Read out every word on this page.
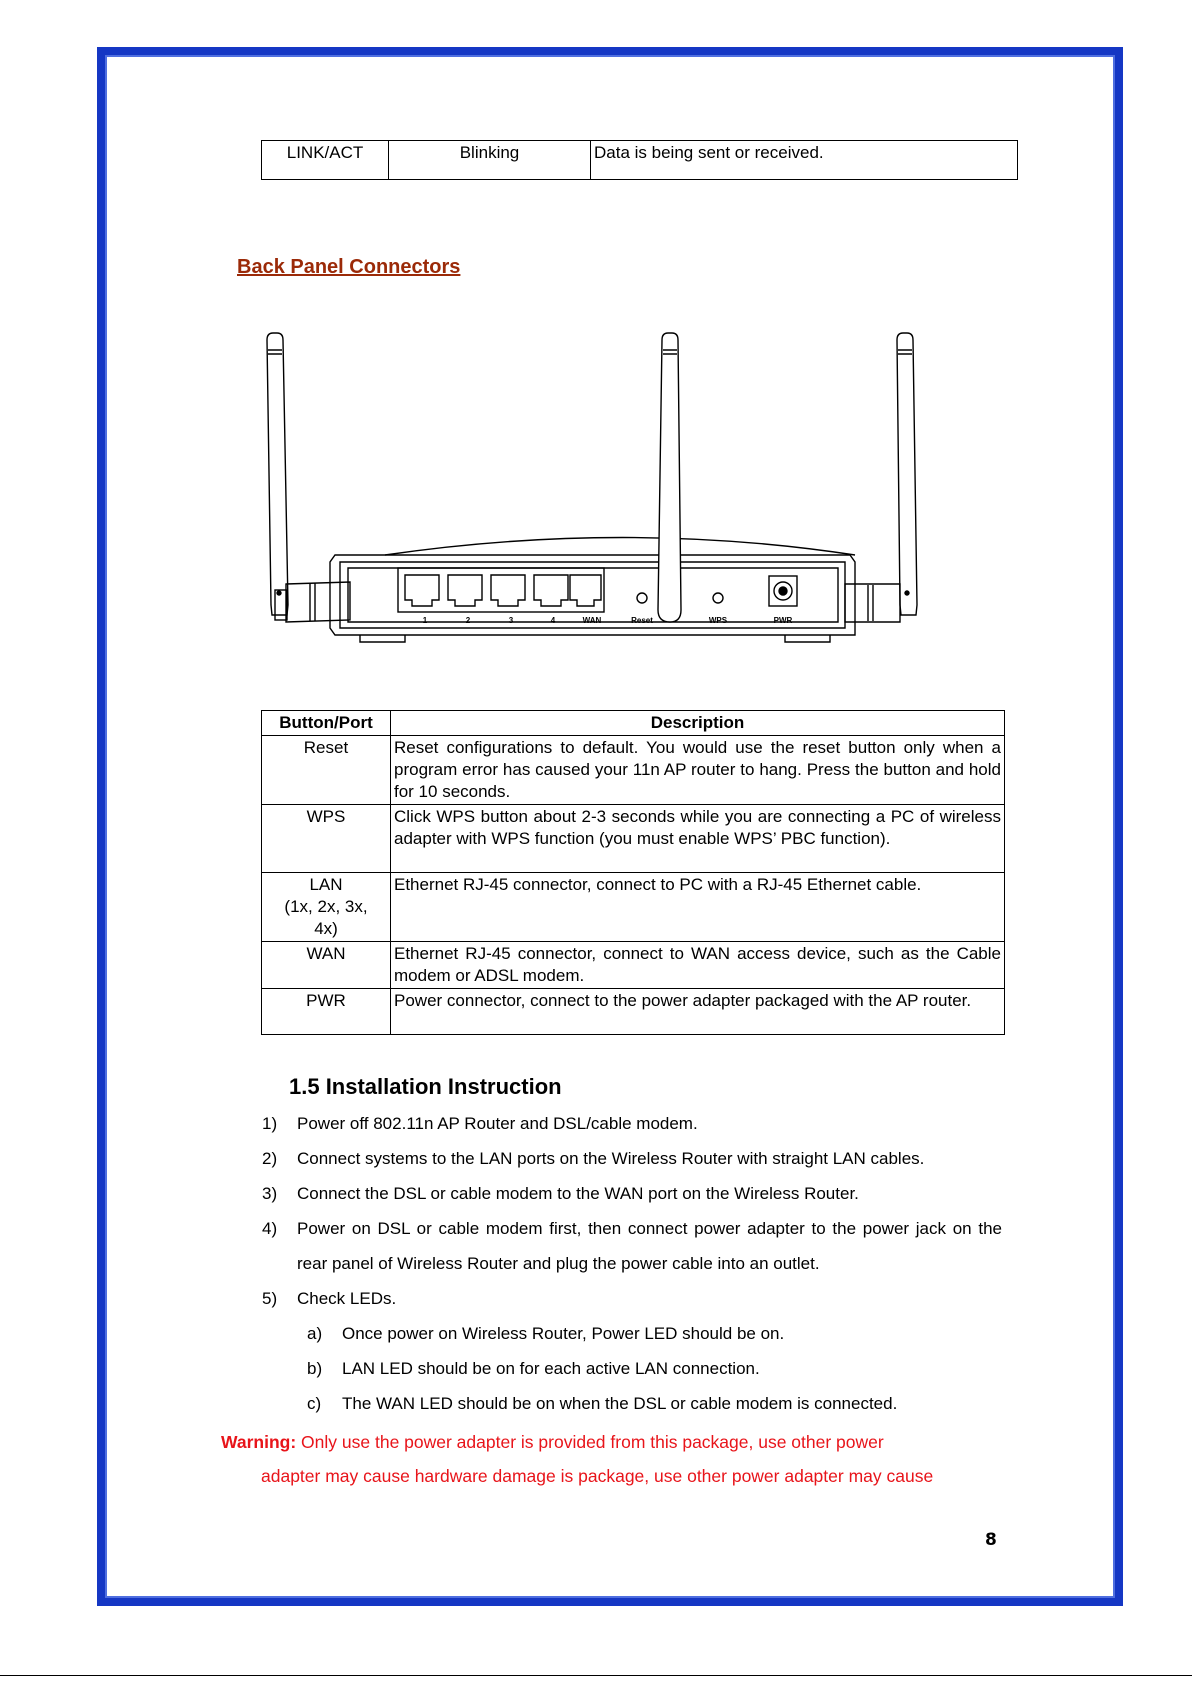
LINK/ACT	Blinking	Data is being sent or received.
Back Panel Connectors
1	2	3	4	WAN	Reset	WPS	PWR
Button/Port	Description
Reset	Reset configurations to default. You would use the reset button only when a program error has caused your 11n AP router to hang. Press the button and hold for 10 seconds.
WPS	Click WPS button about 2-3 seconds while you are connecting a PC of wireless adapter with WPS function (you must enable WPS’ PBC function).
LAN
(1x, 2x, 3x,
4x)	Ethernet RJ-45 connector, connect to PC with a RJ-45 Ethernet cable.
WAN	Ethernet RJ-45 connector, connect to WAN access device, such as the Cable modem or ADSL modem.
PWR	Power connector, connect to the power adapter packaged with the AP router.
1.5 Installation Instruction
1)	Power off 802.11n AP Router and DSL/cable modem.
2)	Connect systems to the LAN ports on the Wireless Router with straight LAN cables.
3)	Connect the DSL or cable modem to the WAN port on the Wireless Router.
4)	Power on DSL or cable modem first, then connect power adapter to the power jack on the rear panel of Wireless Router and plug the power cable into an outlet.
5)	Check LEDs.
a)	Once power on Wireless Router, Power LED should be on.
b)	LAN LED should be on for each active LAN connection.
c)	The WAN LED should be on when the DSL or cable modem is connected.
Warning: Only use the power adapter is provided from this package, use other power
adapter may cause hardware damage is package, use other power adapter may cause
8
